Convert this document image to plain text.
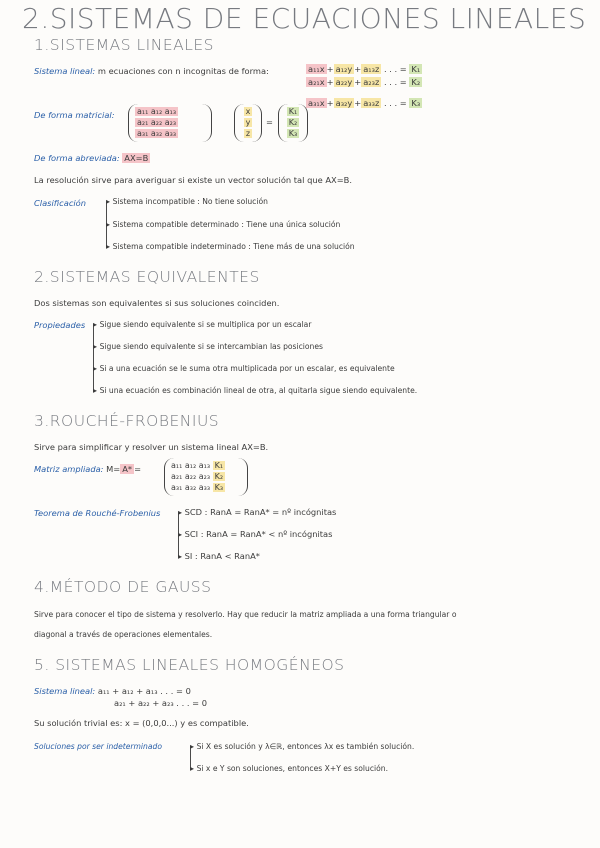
2.SISTEMAS DE ECUACIONES LINEALES
1.SISTEMAS LINEALES
Sistema lineal: m ecuaciones con n incognitas de forma:	a₁₁x + a₁₂y + a₁₃z . . . = K₁
a₂₁x + a₂₂y + a₂₃z . . . = K₂
a₃₁x + a₃₂y + a₃₃z . . . = K₃
De forma matricial:	a₁₁ a₁₂ a₁₃
a₂₁ a₂₂ a₂₃
a₃₁ a₃₂ a₃₃
x
y
z
=
K₁
K₂
K₃
De forma abreviada: AX=B
La resolución sirve para averiguar si existe un vector solución tal que AX=B.
Clasificación ▸ Sistema incompatible : No tiene solución
▸ Sistema compatible determinado : Tiene una única solución
▸ Sistema compatible indeterminado : Tiene más de una solución
2.SISTEMAS EQUIVALENTES
Dos sistemas son equivalentes si sus soluciones coinciden.
Propiedades ▸ Sigue siendo equivalente si se multiplica por un escalar
▸ Sigue siendo equivalente si se intercambian las posiciones
▸ Si a una ecuación se le suma otra multiplicada por un escalar, es equivalente
▸ Si una ecuación es combinación lineal de otra, al quitarla sigue siendo equivalente.
3.ROUCHÉ-FROBENIUS
Sirve para simplificar y resolver un sistema lineal AX=B.
Matriz ampliada: M= A* =	a₁₁ a₁₂ a₁₃ K₁
a₂₁ a₂₂ a₂₃ K₂
a₃₁ a₃₂ a₃₃ K₃
Teorema de Rouché-Frobenius ▸ SCD : RanA = RanA* = nº incógnitas
▸ SCI : RanA = RanA* < nº incógnitas
▸ SI : RanA < RanA*
4.MÉTODO DE GAUSS
Sirve para conocer el tipo de sistema y resolverlo. Hay que reducir la matriz ampliada a una forma triangular o
diagonal a través de operaciones elementales.
5. SISTEMAS LINEALES HOMOGÉNEOS
Sistema lineal: a₁₁ + a₁₂ + a₁₃ . . . = 0
a₂₁ + a₂₂ + a₂₃ . . . = 0
Su solución trivial es: x = (0,0,0...) y es compatible.
Soluciones por ser indeterminado	▸ Si X es solución y λ∈ℝ, entonces λx es también solución.
▸ Si x e Y son soluciones, entonces X+Y es solución.
